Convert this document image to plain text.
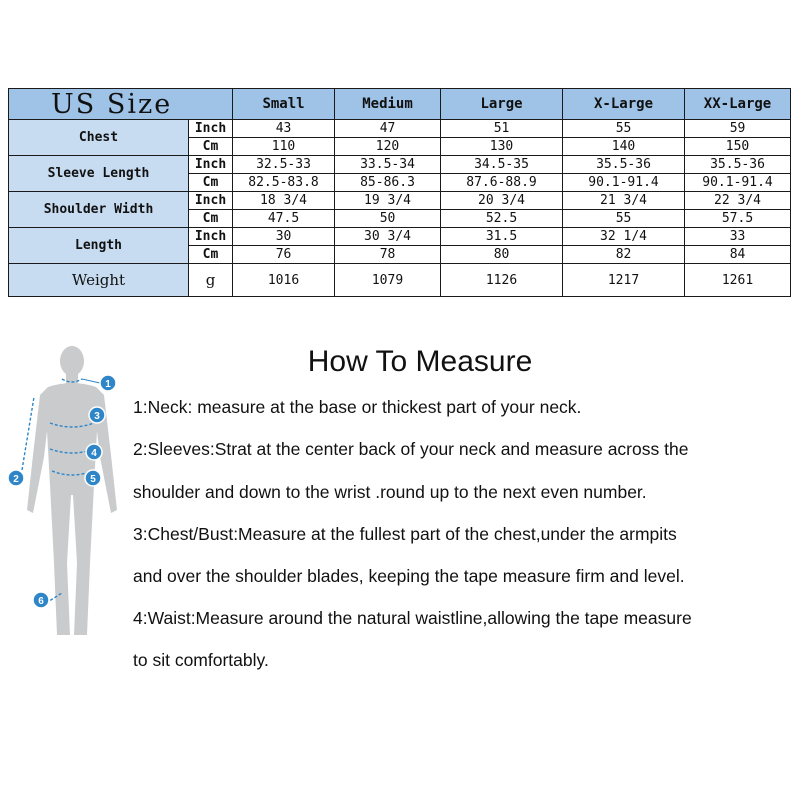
US Size		Small	Medium	Large	X-Large	XX-Large
Chest	Inch	43	47	51	55	59
	Cm	110	120	130	140	150
Sleeve Length	Inch	32.5-33	33.5-34	34.5-35	35.5-36	35.5-36
	Cm	82.5-83.8	85-86.3	87.6-88.9	90.1-91.4	90.1-91.4
Shoulder Width	Inch	18 3/4	19 3/4	20 3/4	21 3/4	22 3/4
	Cm	47.5	50	52.5	55	57.5
Length	Inch	30	30 3/4	31.5	32 1/4	33
	Cm	76	78	80	82	84
Weight	g	1016	1079	1126	1217	1261
1
2
3
4
5
6
How To Measure

1:Neck: measure at the base or thickest part of your neck.

2:Sleeves:Strat at the center back of your neck and measure across the

shoulder and down to the wrist .round up to the next even number.

3:Chest/Bust:Measure at the fullest part of the chest,under the armpits

and over the shoulder blades, keeping the tape measure firm and level.

4:Waist:Measure around the natural waistline,allowing the tape measure

to sit comfortably.
